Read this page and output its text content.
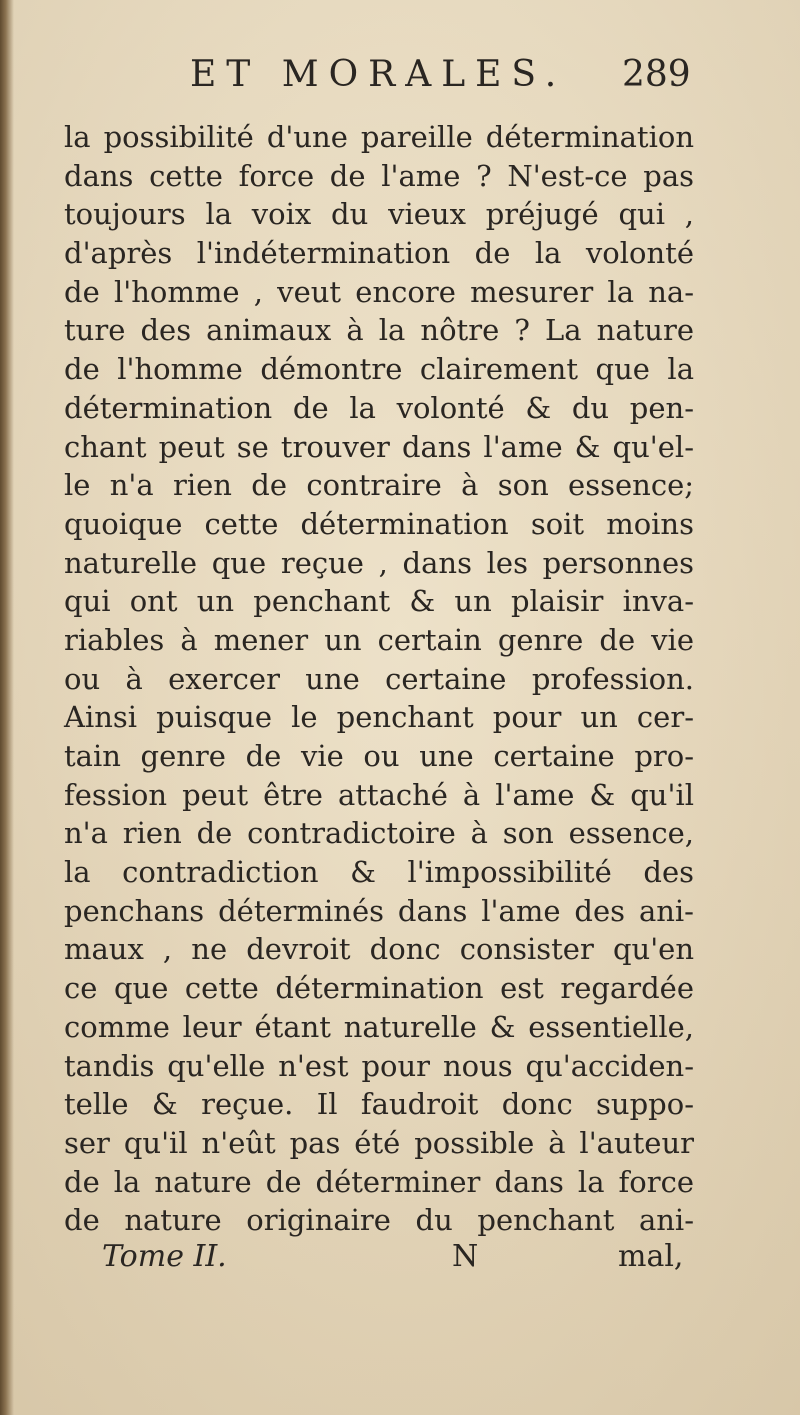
ET MORALES. 289
la possibilité d'une pareille détermination
dans cette force de l'ame ? N'est-ce pas
toujours la voix du vieux préjugé qui ,
d'après l'indétermination de la volonté
de l'homme , veut encore mesurer la na-
ture des animaux à la nôtre ? La nature
de l'homme démontre clairement que la
détermination de la volonté & du pen-
chant peut se trouver dans l'ame & qu'el-
le n'a rien de contraire à son essence;
quoique cette détermination soit moins
naturelle que reçue , dans les personnes
qui ont un penchant & un plaisir inva-
riables à mener un certain genre de vie
ou à exercer une certaine profession.
Ainsi puisque le penchant pour un cer-
tain genre de vie ou une certaine pro-
fession peut être attaché à l'ame & qu'il
n'a rien de contradictoire à son essence,
la contradiction & l'impossibilité des
penchans déterminés dans l'ame des ani-
maux , ne devroit donc consister qu'en
ce que cette détermination est regardée
comme leur étant naturelle & essentielle,
tandis qu'elle n'est pour nous qu'acciden-
telle & reçue. Il faudroit donc suppo-
ser qu'il n'eût pas été possible à l'auteur
de la nature de déterminer dans la force
de nature originaire du penchant ani-
Tome II.	N	mal,
